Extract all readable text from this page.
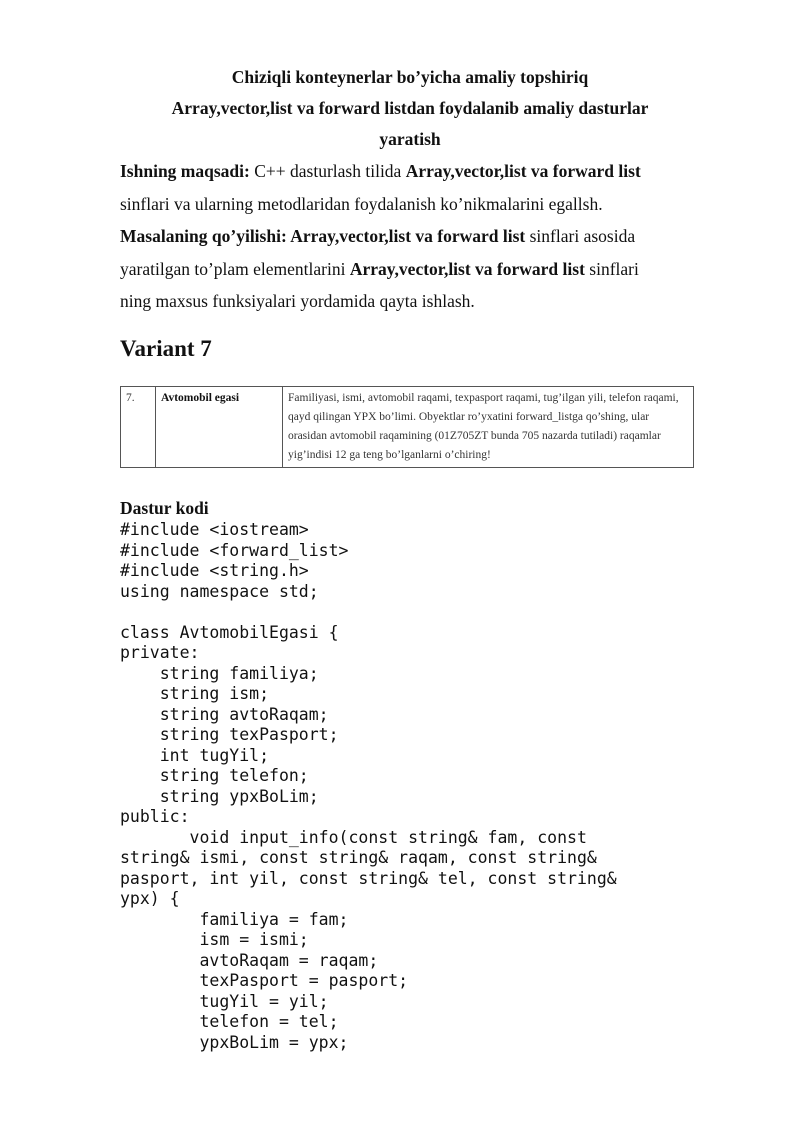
Chiziqli konteynerlar bo’yicha amaliy topshiriq
Array,vector,list va forward listdan foydalanib amaliy dasturlar
yaratish
Ishning maqsadi: C++ dasturlash tilida Array,vector,list va forward list
sinflari va ularning metodlaridan foydalanish ko’nikmalarini egallsh.
Masalaning qo’yilishi: Array,vector,list va forward list sinflari asosida
yaratilgan to’plam elementlarini Array,vector,list va forward list sinflari
ning maxsus funksiyalari yordamida qayta ishlash.
Variant 7
7.	Avtomobil egasi	Familiyasi, ismi, avtomobil raqami, texpasport raqami, tug’ilgan yili, telefon raqami, qayd qilingan YPX bo’limi. Obyektlar ro’yxatini forward_listga qo’shing, ular orasidan avtomobil raqamining (01Z705ZT bunda 705 nazarda tutiladi) raqamlar yig’indisi 12 ga teng bo’lganlarni o’chiring!
Dastur kodi
#include <iostream>
#include <forward_list>
#include <string.h>
using namespace std;

class AvtomobilEgasi {
private:
string familiya;
string ism;
string avtoRaqam;
string texPasport;
int tugYil;
string telefon;
string ypxBoLim;
public:
void input_info(const string& fam, const
string& ismi, const string& raqam, const string&
pasport, int yil, const string& tel, const string&
ypx) {
familiya = fam;
ism = ismi;
avtoRaqam = raqam;
texPasport = pasport;
tugYil = yil;
telefon = tel;
ypxBoLim = ypx;
